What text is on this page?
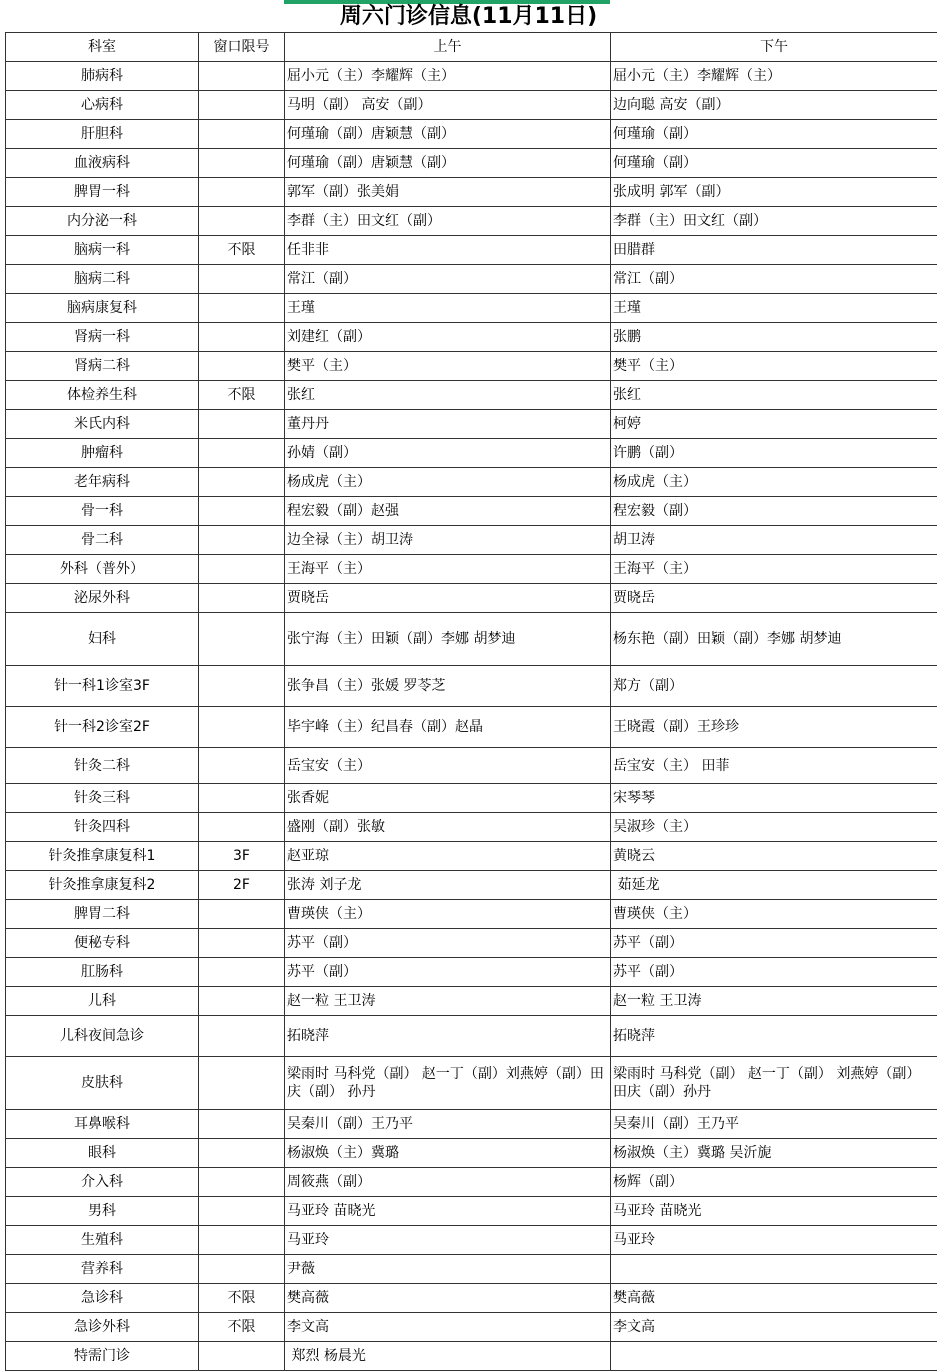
周六门诊信息(11月11日)
科室	窗口限号	上午	下午
肺病科		屈小元（主）李耀辉（主）	屈小元（主）李耀辉（主）
心病科		马明（副） 高安（副）	边向聪 高安（副）
肝胆科		何瑾瑜（副）唐颖慧（副）	何瑾瑜（副）
血液病科		何瑾瑜（副）唐颖慧（副）	何瑾瑜（副）
脾胃一科		郭军（副）张美娟	张成明 郭军（副）
内分泌一科		李群（主）田文红（副）	李群（主）田文红（副）
脑病一科	不限	任非非	田腊群
脑病二科		常江（副）	常江（副）
脑病康复科		王瑾	王瑾
肾病一科		刘建红（副）	张鹏
肾病二科		樊平（主）	樊平（主）
体检养生科	不限	张红	张红
米氏内科		董丹丹	柯婷
肿瘤科		孙婧（副）	许鹏（副）
老年病科		杨成虎（主）	杨成虎（主）
骨一科		程宏毅（副）赵强	程宏毅（副）
骨二科		边全禄（主）胡卫涛	胡卫涛
外科（普外）		王海平（主）	王海平（主）
泌尿外科		贾晓岳	贾晓岳
妇科		张宁海（主）田颖（副）李娜 胡梦迪	杨东艳（副）田颖（副）李娜 胡梦迪
针一科1诊室3F		张争昌（主）张媛 罗苓芝	郑方（副）
针一科2诊室2F		毕宇峰（主）纪昌春（副）赵晶	王晓霞（副）王珍珍
针灸二科		岳宝安（主）	岳宝安（主） 田菲
针灸三科		张香妮	宋琴琴
针灸四科		盛刚（副）张敏	吴淑珍（主）
针灸推拿康复科1	3F	赵亚琼	黄晓云
针灸推拿康复科2	2F	张涛 刘子龙	茹延龙
脾胃二科		曹瑛侠（主）	曹瑛侠（主）
便秘专科		苏平（副）	苏平（副）
肛肠科		苏平（副）	苏平（副）
儿科		赵一粒 王卫涛	赵一粒 王卫涛
儿科夜间急诊		拓晓萍	拓晓萍
皮肤科		梁雨时 马科党（副） 赵一丁（副）刘燕婷（副）田庆（副） 孙丹	梁雨时 马科党（副） 赵一丁（副） 刘燕婷（副） 田庆（副）孙丹
耳鼻喉科		吴秦川（副）王乃平	吴秦川（副）王乃平
眼科		杨淑焕（主）冀璐	杨淑焕（主）冀璐 吴沂旎
介入科		周筱燕（副）	杨辉（副）
男科		马亚玲 苗晓光	马亚玲 苗晓光
生殖科		马亚玲	马亚玲
营养科		尹薇	
急诊科	不限	樊高薇	樊高薇
急诊外科	不限	李文高	李文高
特需门诊		郑烈 杨晨光	
